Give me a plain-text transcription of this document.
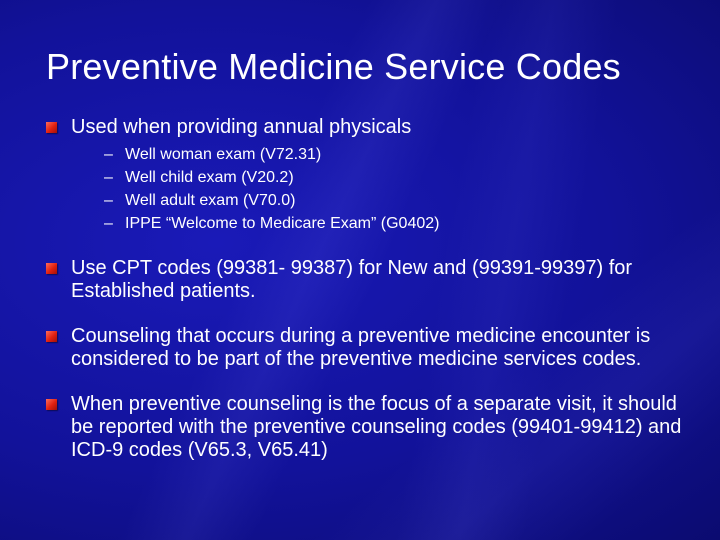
Preventive Medicine Service Codes
Used when providing annual physicals
– Well woman exam (V72.31)
– Well child exam (V20.2)
– Well adult exam (V70.0)
– IPPE “Welcome to Medicare Exam” (G0402)
Use CPT codes (99381- 99387) for New and (99391-99397) for Established patients.
Counseling that occurs during a preventive medicine encounter is considered to be part of the preventive medicine services codes.
When preventive counseling is the focus of a separate visit, it should be reported with the preventive counseling codes (99401-99412) and ICD-9 codes (V65.3, V65.41)
